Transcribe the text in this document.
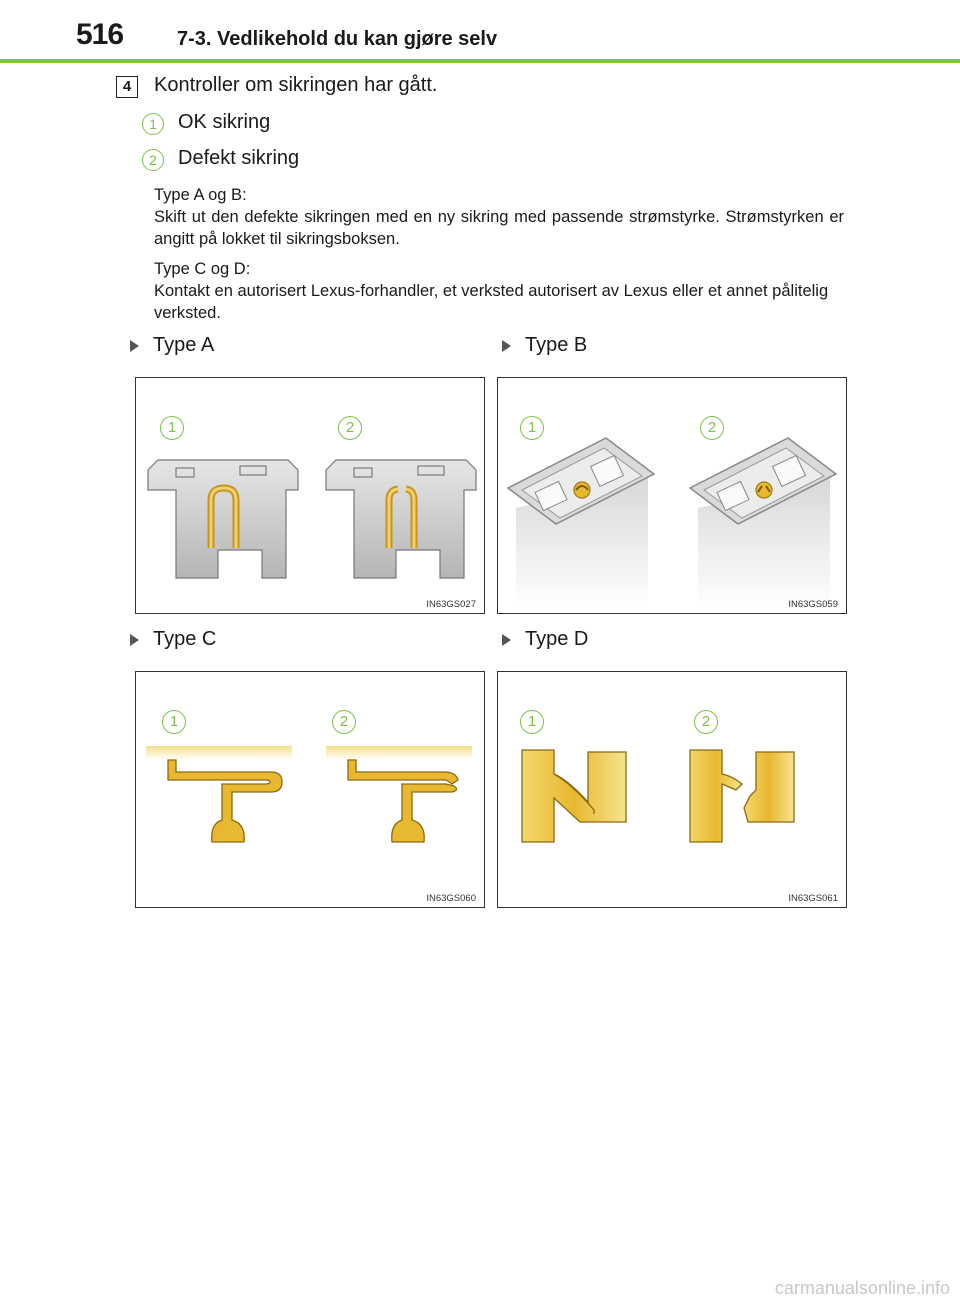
516	7-3. Vedlikehold du kan gjøre selv
4	Kontroller om sikringen har gått.
1	OK sikring
2	Defekt sikring
Type A og B:
Skift ut den defekte sikringen med en ny sikring med passende strømstyrke. Strømstyrken er angitt på lokket til sikringsboksen.
Type C og D:
Kontakt en autorisert Lexus-forhandler, et verksted autorisert av Lexus eller et annet pålitelig verksted.
Type A	Type B
Type C	Type D
1	2
IN63GS027
1	2
IN63GS059
1	2
IN63GS060
1	2
IN63GS061
carmanualsonline.info
